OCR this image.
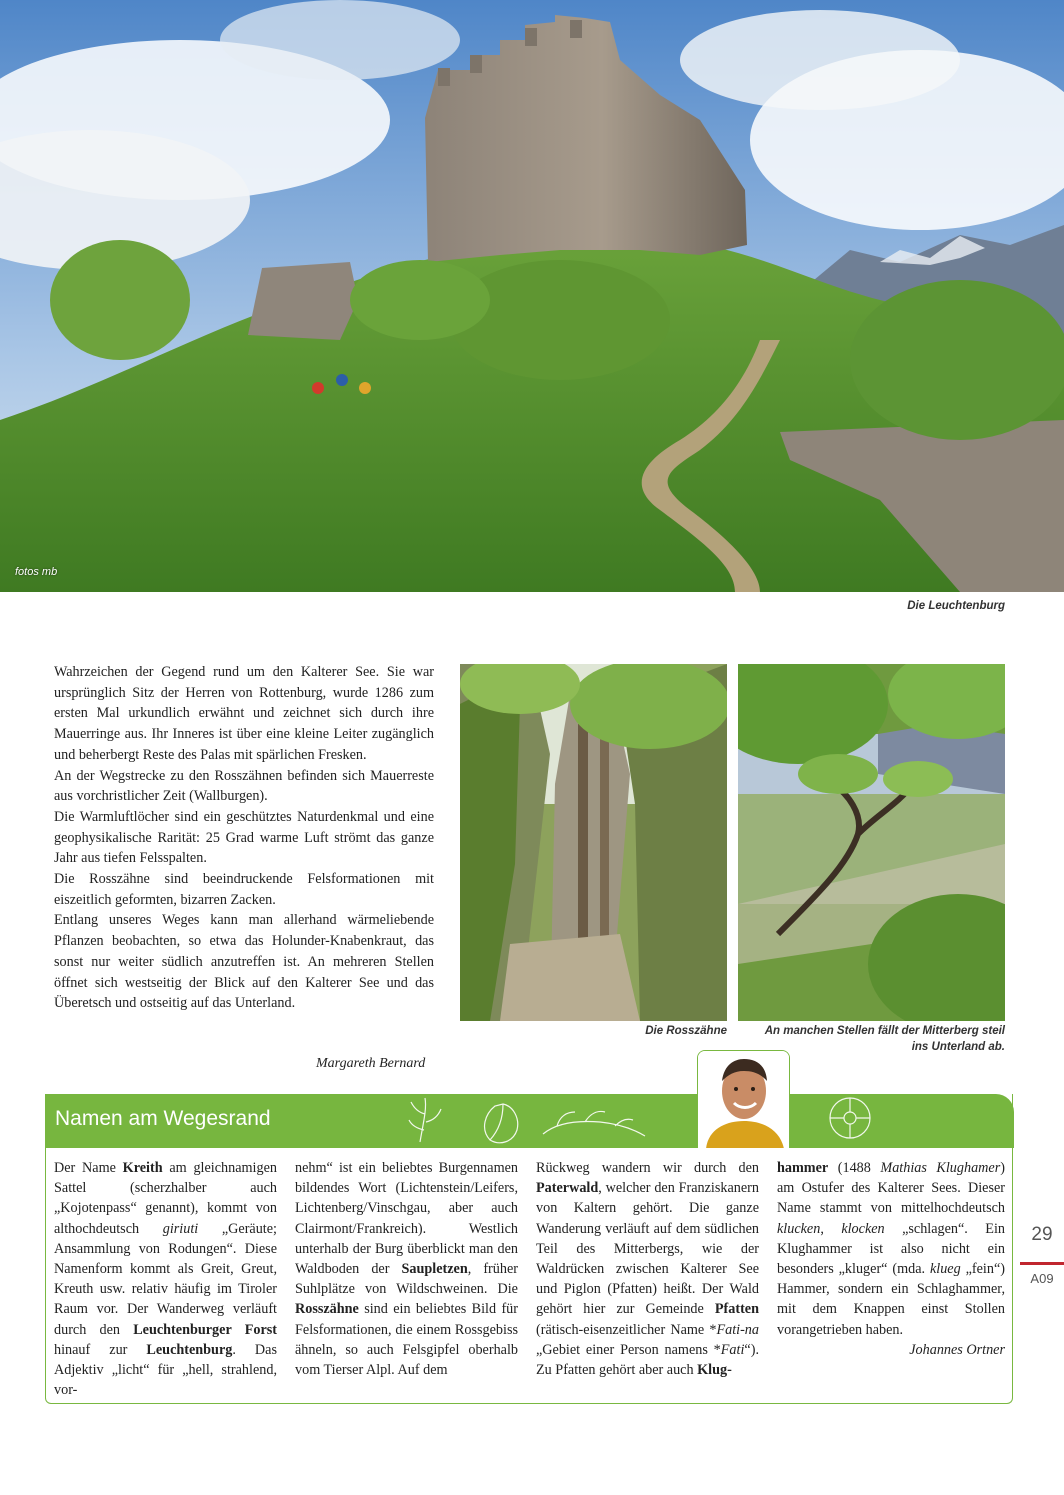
fotos mb
Die Leuchtenburg

Wahrzeichen der Gegend rund um den Kalterer See. Sie war ursprünglich Sitz der Herren von Rottenburg, wurde 1286 zum ersten Mal urkundlich erwähnt und zeichnet sich durch ihre Mauerringe aus. Ihr Inneres ist über eine kleine Leiter zugänglich und beherbergt Reste des Palas mit spärlichen Fresken.

An der Wegstrecke zu den Rosszähnen befinden sich Mauerreste aus vorchristlicher Zeit (Wallburgen).

Die Warmluftlöcher sind ein geschütztes Naturdenkmal und eine geophysikalische Rarität: 25 Grad warme Luft strömt das ganze Jahr aus tiefen Felsspalten.

Die Rosszähne sind beeindruckende Felsformationen mit eiszeitlich geformten, bizarren Zacken.

Entlang unseres Weges kann man allerhand wärmeliebende Pflanzen beobachten, so etwa das Holunder-Knabenkraut, das sonst nur weiter südlich anzutreffen ist. An mehreren Stellen öffnet sich westseitig der Blick auf den Kalterer See und das Überetsch und ostseitig auf das Unterland.

Margareth Bernard
Die Rosszähne	An manchen Stellen fällt der Mitterberg steil
ins Unterland ab.
Namen am Wegesrand

Der Name Kreith am gleichnamigen Sattel (scherzhalber auch „Kojotenpass“ genannt), kommt von althochdeutsch giriuti „Geräute; Ansammlung von Rodungen“. Diese Namenform kommt als Greit, Greut, Kreuth usw. relativ häufig im Tiroler Raum vor. Der Wanderweg verläuft durch den Leuchtenburger Forst hinauf zur Leuchtenburg. Das Adjektiv „licht“ für „hell, strahlend, vor-

nehm“ ist ein beliebtes Burgennamen bildendes Wort (Lichtenstein/Leifers, Lichtenberg/Vinschgau, aber auch Clairmont/Frankreich). Westlich unterhalb der Burg überblickt man den Waldboden der Saupletzen, früher Suhlplätze von Wildschweinen. Die Rosszähne sind ein beliebtes Bild für Felsformationen, die einem Rossgebiss ähneln, so auch Felsgipfel oberhalb vom Tierser Alpl. Auf dem

Rückweg wandern wir durch den Paterwald, welcher den Franziskanern von Kaltern gehört. Die ganze Wanderung verläuft auf dem südlichen Teil des Mitterbergs, wie der Waldrücken zwischen Kalterer See und Piglon (Pfatten) heißt. Der Wald gehört hier zur Gemeinde Pfatten (rätisch-eisenzeitlicher Name *Fati-na „Gebiet einer Person namens *Fati“). Zu Pfatten gehört aber auch Klug-

hammer (1488 Mathias Klughamer) am Ostufer des Kalterer Sees. Dieser Name stammt von mittelhochdeutsch klucken, klocken „schlagen“. Ein Klughammer ist also nicht ein besonders „kluger“ (mda. klueg „fein“) Hammer, sondern ein Schlaghammer, mit dem Knappen einst Stollen vorangetrieben haben.

Johannes Ortner

29
A09
